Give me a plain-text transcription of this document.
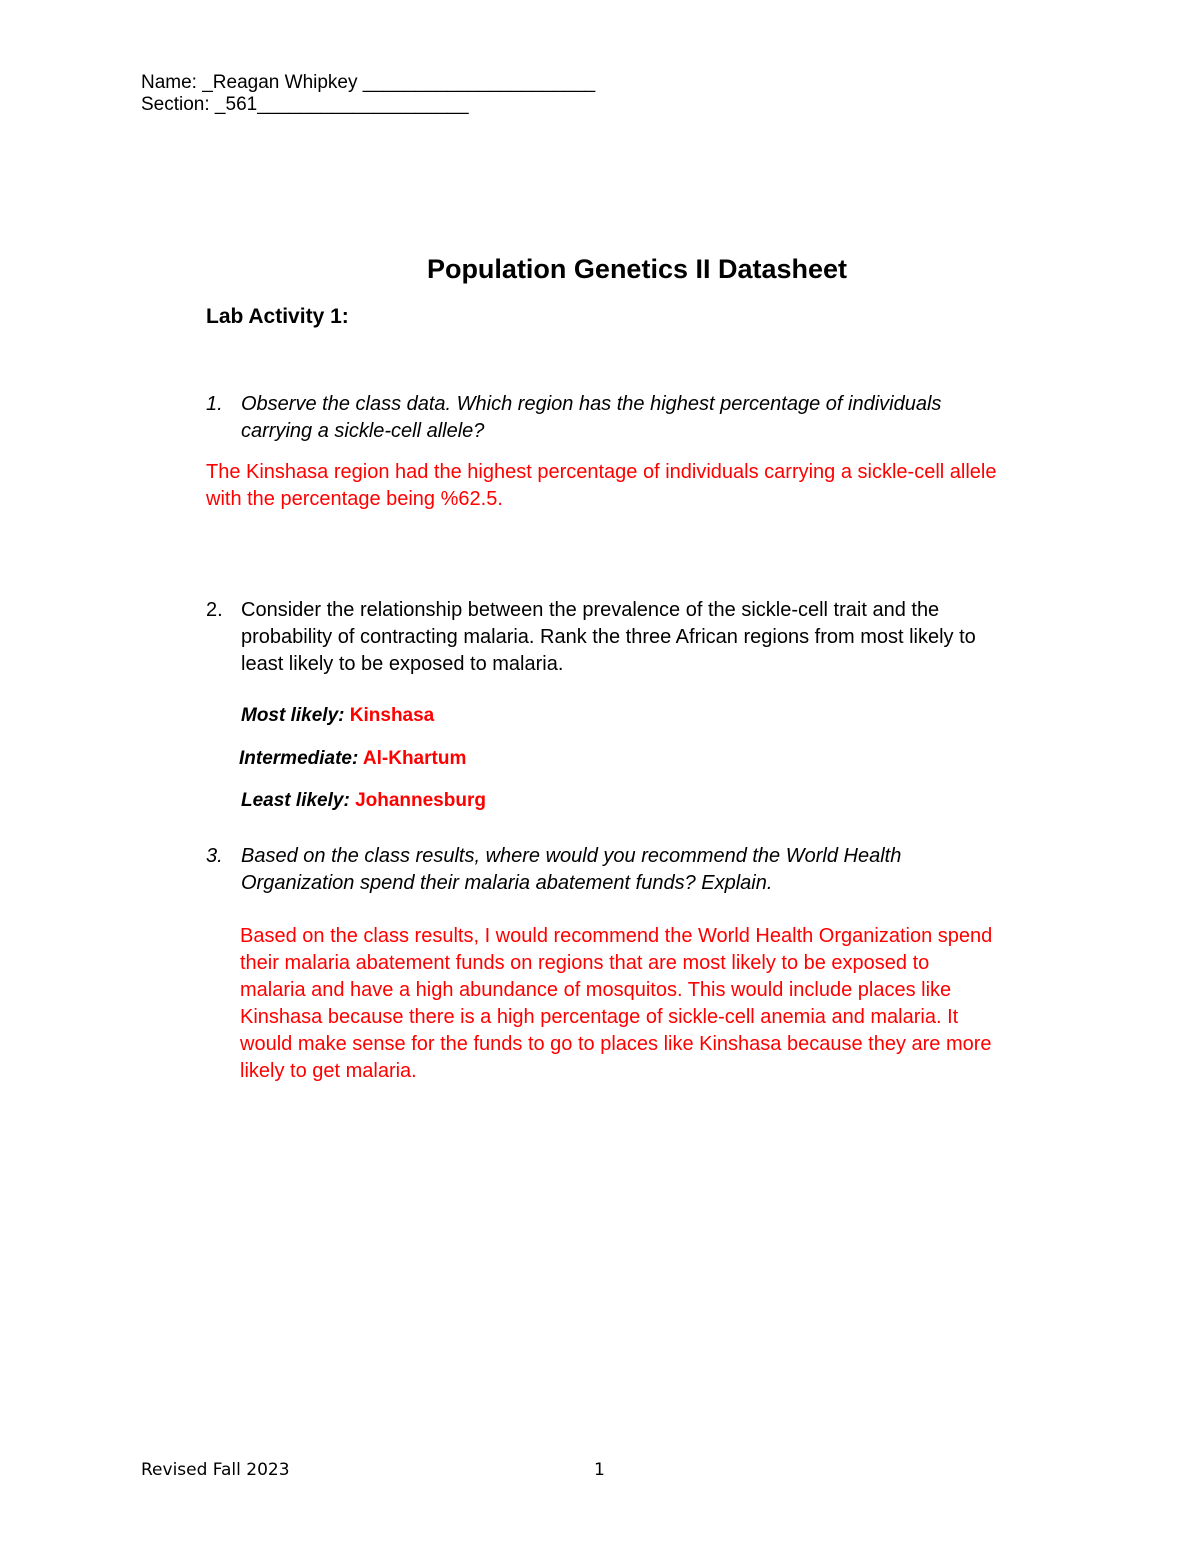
Name: _Reagan Whipkey ______________________
Section: _561____________________
Population Genetics II Datasheet
Lab Activity 1:
1. Observe the class data. Which region has the highest percentage of individuals
carrying a sickle-cell allele?
The Kinshasa region had the highest percentage of individuals carrying a sickle-cell allele
with the percentage being %62.5.
2. Consider the relationship between the prevalence of the sickle-cell trait and the
probability of contracting malaria. Rank the three African regions from most likely to
least likely to be exposed to malaria.
Most likely: Kinshasa
Intermediate: Al-Khartum
Least likely: Johannesburg
3. Based on the class results, where would you recommend the World Health
Organization spend their malaria abatement funds? Explain.
Based on the class results, I would recommend the World Health Organization spend
their malaria abatement funds on regions that are most likely to be exposed to
malaria and have a high abundance of mosquitos. This would include places like
Kinshasa because there is a high percentage of sickle-cell anemia and malaria. It
would make sense for the funds to go to places like Kinshasa because they are more
likely to get malaria.
Revised Fall 2023	1
